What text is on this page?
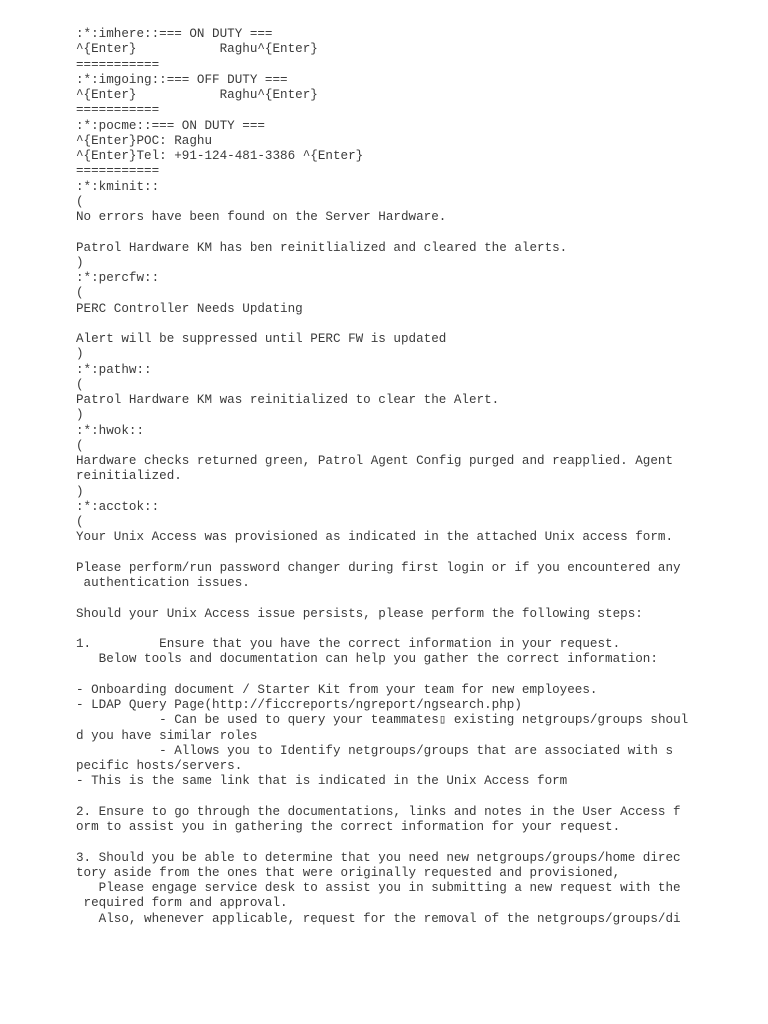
:*:imhere::=== ON DUTY ===
^{Enter}           Raghu^{Enter}
===========
:*:imgoing::=== OFF DUTY ===
^{Enter}           Raghu^{Enter}
===========
:*:pocme::=== ON DUTY ===
^{Enter}POC: Raghu
^{Enter}Tel: +91-124-481-3386 ^{Enter}
===========
:*:kminit::
(
No errors have been found on the Server Hardware.
Patrol Hardware KM has ben reinitlialized and cleared the alerts.
)
:*:percfw::
(
PERC Controller Needs Updating
Alert will be suppressed until PERC FW is updated
)
:*:pathw::
(
Patrol Hardware KM was reinitialized to clear the Alert.
)
:*:hwok::
(
Hardware checks returned green, Patrol Agent Config purged and reapplied. Agent
reinitialized.
)
:*:acctok::
(
Your Unix Access was provisioned as indicated in the attached Unix access form.
Please perform/run password changer during first login or if you encountered any
authentication issues.
Should your Unix Access issue persists, please perform the following steps:
1.         Ensure that you have the correct information in your request.
Below tools and documentation can help you gather the correct information:
- Onboarding document / Starter Kit from your team for new employees.
- LDAP Query Page(http://ficcreports/ngreport/ngsearch.php)
- Can be used to query your teammates▯ existing netgroups/groups shoul
d you have similar roles
- Allows you to Identify netgroups/groups that are associated with s
pecific hosts/servers.
- This is the same link that is indicated in the Unix Access form
2. Ensure to go through the documentations, links and notes in the User Access f
orm to assist you in gathering the correct information for your request.
3. Should you be able to determine that you need new netgroups/groups/home direc
tory aside from the ones that were originally requested and provisioned,
Please engage service desk to assist you in submitting a new request with the
required form and approval.
Also, whenever applicable, request for the removal of the netgroups/groups/di
